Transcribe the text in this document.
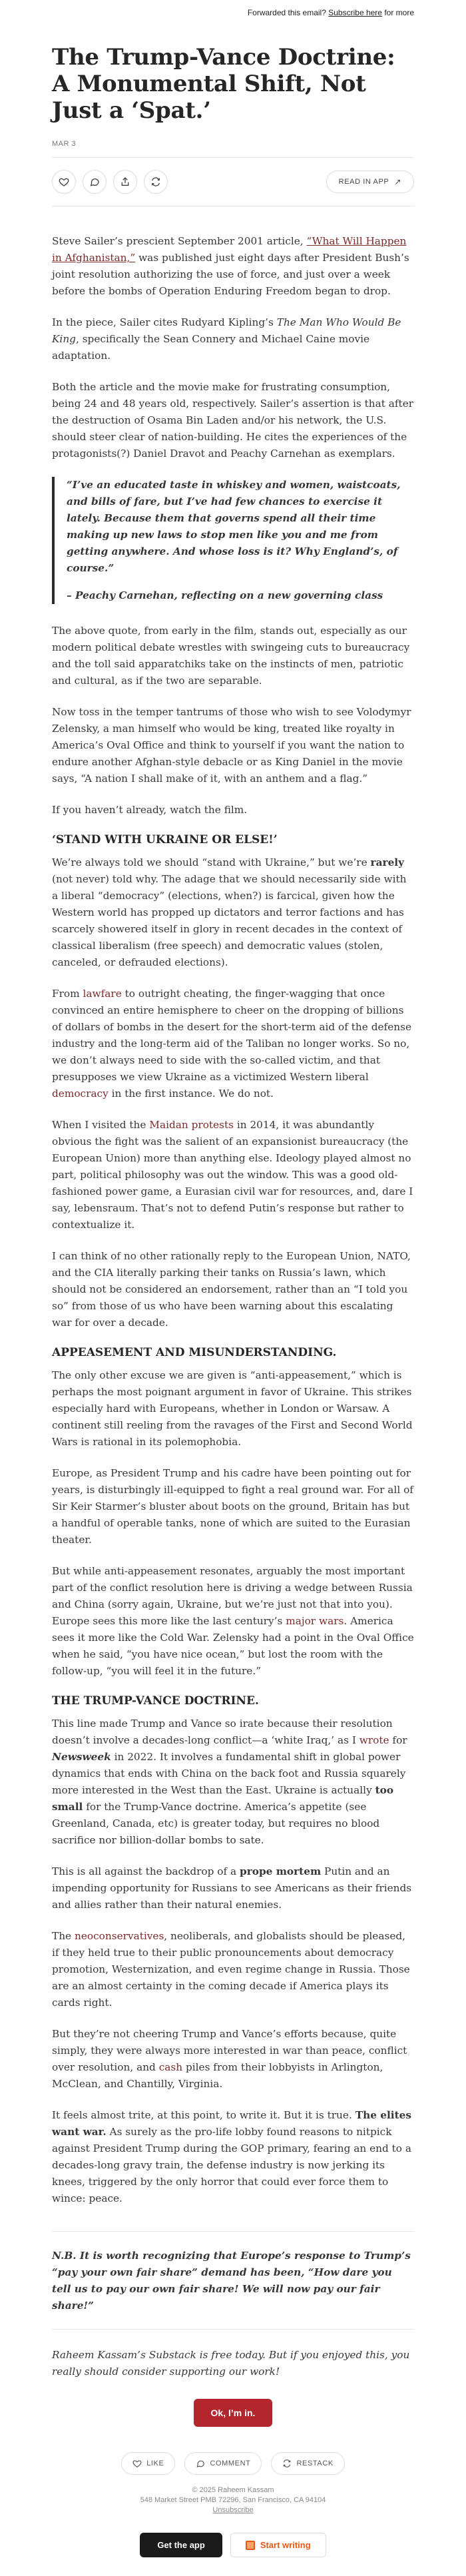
Forwarded this email? Subscribe here for more
The Trump-Vance Doctrine: A Monumental Shift, Not Just a ‘Spat.’
MAR 3
READ IN APP ↗

Steve Sailer’s prescient September 2001 article, “What Will Happen in Afghanistan,” was published just eight days after President Bush’s joint resolution authorizing the use of force, and just over a week before the bombs of Operation Enduring Freedom began to drop.

In the piece, Sailer cites Rudyard Kipling’s The Man Who Would Be King, specifically the Sean Connery and Michael Caine movie adaptation.

Both the article and the movie make for frustrating consumption, being 24 and 48 years old, respectively. Sailer’s assertion is that after the destruction of Osama Bin Laden and/or his network, the U.S. should steer clear of nation-building. He cites the experiences of the protagonists(?) Daniel Dravot and Peachy Carnehan as exemplars.

“I’ve an educated taste in whiskey and women, waistcoats, and bills of fare, but I’ve had few chances to exercise it lately. Because them that governs spend all their time making up new laws to stop men like you and me from getting anywhere. And whose loss is it? Why England’s, of course.”

– Peachy Carnehan, reflecting on a new governing class

The above quote, from early in the film, stands out, especially as our modern political debate wrestles with swingeing cuts to bureaucracy and the toll said apparatchiks take on the instincts of men, patriotic and cultural, as if the two are separable.

Now toss in the temper tantrums of those who wish to see Volodymyr Zelensky, a man himself who would be king, treated like royalty in America’s Oval Office and think to yourself if you want the nation to endure another Afghan-style debacle or as King Daniel in the movie says, “A nation I shall make of it, with an anthem and a flag.”

If you haven’t already, watch the film.

‘STAND WITH UKRAINE OR ELSE!’

We’re always told we should “stand with Ukraine,” but we’re rarely (not never) told why. The adage that we should necessarily side with a liberal “democracy” (elections, when?) is farcical, given how the Western world has propped up dictators and terror factions and has scarcely showered itself in glory in recent decades in the context of classical liberalism (free speech) and democratic values (stolen, canceled, or defrauded elections).

From lawfare to outright cheating, the finger-wagging that once convinced an entire hemisphere to cheer on the dropping of billions of dollars of bombs in the desert for the short-term aid of the defense industry and the long-term aid of the Taliban no longer works. So no, we don’t always need to side with the so-called victim, and that presupposes we view Ukraine as a victimized Western liberal democracy in the first instance. We do not.

When I visited the Maidan protests in 2014, it was abundantly obvious the fight was the salient of an expansionist bureaucracy (the European Union) more than anything else. Ideology played almost no part, political philosophy was out the window. This was a good old-fashioned power game, a Eurasian civil war for resources, and, dare I say, lebensraum. That’s not to defend Putin’s response but rather to contextualize it.

I can think of no other rationally reply to the European Union, NATO, and the CIA literally parking their tanks on Russia’s lawn, which should not be considered an endorsement, rather than an “I told you so” from those of us who have been warning about this escalating war for over a decade.

APPEASEMENT AND MISUNDERSTANDING.

The only other excuse we are given is “anti-appeasement,” which is perhaps the most poignant argument in favor of Ukraine. This strikes especially hard with Europeans, whether in London or Warsaw. A continent still reeling from the ravages of the First and Second World Wars is rational in its polemophobia.

Europe, as President Trump and his cadre have been pointing out for years, is disturbingly ill-equipped to fight a real ground war. For all of Sir Keir Starmer’s bluster about boots on the ground, Britain has but a handful of operable tanks, none of which are suited to the Eurasian theater.

But while anti-appeasement resonates, arguably the most important part of the conflict resolution here is driving a wedge between Russia and China (sorry again, Ukraine, but we’re just not that into you). Europe sees this more like the last century’s major wars. America sees it more like the Cold War. Zelensky had a point in the Oval Office when he said, “you have nice ocean,” but lost the room with the follow-up, “you will feel it in the future.”

THE TRUMP-VANCE DOCTRINE.

This line made Trump and Vance so irate because their resolution doesn’t involve a decades-long conflict—a ‘white Iraq,’ as I wrote for Newsweek in 2022. It involves a fundamental shift in global power dynamics that ends with China on the back foot and Russia squarely more interested in the West than the East. Ukraine is actually too small for the Trump-Vance doctrine. America’s appetite (see Greenland, Canada, etc) is greater today, but requires no blood sacrifice nor billion-dollar bombs to sate.

This is all against the backdrop of a prope mortem Putin and an impending opportunity for Russians to see Americans as their friends and allies rather than their natural enemies.

The neoconservatives, neoliberals, and globalists should be pleased, if they held true to their public pronouncements about democracy promotion, Westernization, and even regime change in Russia. Those are an almost certainty in the coming decade if America plays its cards right.

But they’re not cheering Trump and Vance’s efforts because, quite simply, they were always more interested in war than peace, conflict over resolution, and cash piles from their lobbyists in Arlington, McClean, and Chantilly, Virginia.

It feels almost trite, at this point, to write it. But it is true. The elites want war. As surely as the pro-life lobby found reasons to nitpick against President Trump during the GOP primary, fearing an end to a decades-long gravy train, the defense industry is now jerking its knees, triggered by the only horror that could ever force them to wince: peace.

N.B. It is worth recognizing that Europe’s response to Trump’s “pay your own fair share” demand has been, “How dare you tell us to pay our own fair share! We will now pay our fair share!”

Raheem Kassam’s Substack is free today. But if you enjoyed this, you really should consider supporting our work!

Ok, I’m in.
LIKE	COMMENT	RESTACK
© 2025 Raheem Kassam
548 Market Street PMB 72296, San Francisco, CA 94104
Unsubscribe
Get the app	Start writing
